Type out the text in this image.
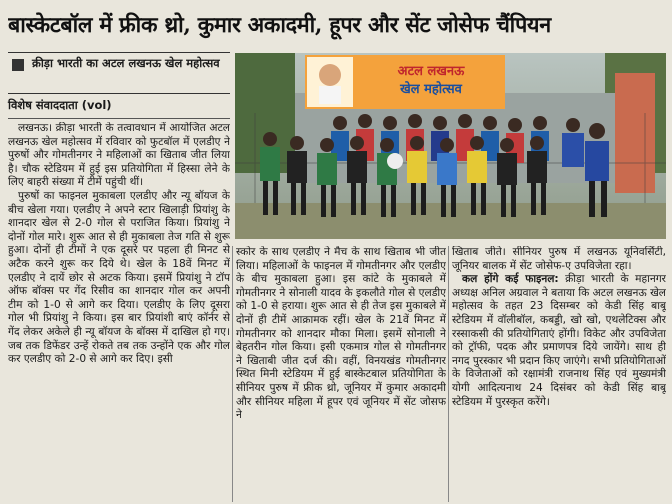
बास्केटबॉल में फ्रीक थ्रो, कुमार अकादमी, हूपर और सेंट जोसेफ चैंपियन
क्रीड़ा भारती का अटल लखनऊ खेल महोत्सव
विशेष संवाददाता (vol)

लखनऊ। क्रीड़ा भारती के तत्वावधान में आयोजित अटल लखनऊ खेल महोत्सव में रविवार को फुटबॉल में एलडीए ने पुरुषों और गोमतीनगर ने महिलाओं का खिताब जीत लिया है। चौक स्टेडियम में हुई इस प्रतियोगिता में हिस्सा लेने के लिए बाहरी संख्या में टीमें पहुंची थीं।

पुरुषों का फाइनल मुकाबला एलडीए और न्यू बॉयज के बीच खेला गया। एलडीए ने अपने स्टार खिलाड़ी प्रियांशु के शानदार खेल से 2-0 गोल से पराजित किया। प्रियांशु ने दोनों गोल मारे। शुरू आत से ही मुकाबला तेज गति से शुरू हुआ। दोनों ही टीमों ने एक दूसरे पर पहला ही मिनट से अटैक करने शुरू कर दिये थे। खेल के 18वें मिनट में एलडीए ने दायें छोर से अटक किया। इसमें प्रियांशु ने टॉप ऑफ बॉक्स पर गेंद रिसीव का शानदार गोल कर अपनी टीम को 1-0 से आगे कर दिया। एलडीए के लिए दूसरा गोल भी प्रियांशु ने किया। इस बार प्रियांशी बाएं कॉर्नर से गेंद लेकर अकेले ही न्यू बॉयज के बॉक्स में दाखिल हो गए। जब तक डिफेंडर उन्हें रोकते तब तक उन्होंने एक और गोल कर एलडीए को 2-0 से आगे कर दिए। इसी

अटल लखनऊ
खेल महोत्सव

स्कोर के साथ एलडीए ने मैच के साथ खिताब भी जीत लिया। महिलाओं के फाइनल में गोमतीनगर और एलडीए के बीच मुकाबला हुआ। इस कांटे के मुकाबले में गोमतीनगर ने सोनाली यादव के इकलौते गोल से एलडीए को 1-0 से हराया। शुरू आत से ही तेज इस मुकाबले में दोनों ही टीमें आक्रामक रहीं। खेल के 21वें मिनट में गोमतीनगर को शानदार मौका मिला। इसमें सोनाली ने बेहतरीन गोल किया। इसी एकमात्र गोल से गोमतीनगर ने खिताबी जीत दर्ज की। वहीं, विनयखंड गोमतीनगर स्थित मिनी स्टेडियम में हुई बास्केटबाल प्रतियोगिता के सीनियर पुरुष में फ्रीक थ्रो, जूनियर में कुमार अकादमी और सीनियर महिला में हूपर एवं जूनियर में सेंट जोसफ ने

खिताब जीते। सीनियर पुरुष में लखनऊ यूनिवर्सिटी, जूनियर बालक में सेंट जोसेफ-ए उपविजेता रहा।

कल होंगे कई फाइनल: क्रीड़ा भारती के महानगर अध्यक्ष अनिल अग्रवाल ने बताया कि अटल लखनऊ खेल महोत्सव के तहत 23 दिसम्बर को केडी सिंह बाबू स्टेडियम में वॉलीबॉल, कबड्डी, खो खो, एथलेटिक्स और रस्साकसी की प्रतियोगिताएं होंगी। विकेट और उपविजेता को ट्रॉफी, पदक और प्रमाणपत्र दिये जायेंगे। साथ ही नगद पुरस्कार भी प्रदान किए जाएंगे। सभी प्रतियोगिताओं के विजेताओं को रक्षामंत्री राजनाथ सिंह एवं मुख्यमंत्री योगी आदित्यनाथ 24 दिसंबर को केडी सिंह बाबू स्टेडियम में पुरस्कृत करेंगे।
